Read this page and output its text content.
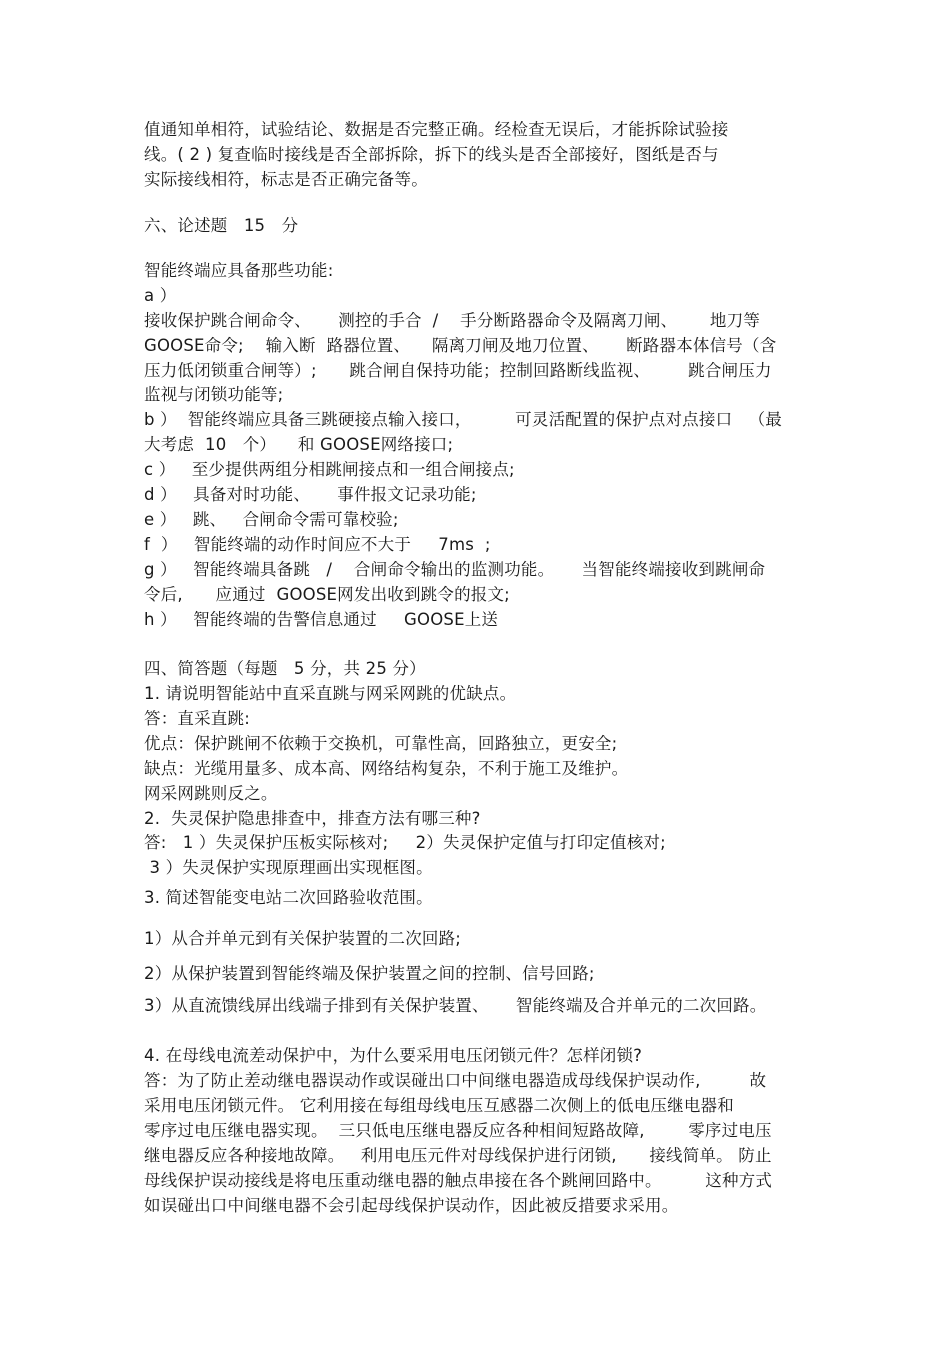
值通知单相符，试验结论、数据是否完整正确。经检查无误后，才能拆除试验接

线。( 2 ) 复查临时接线是否全部拆除，拆下的线头是否全部接好，图纸是否与

实际接线相符，标志是否正确完备等。

六、论述题   15   分

智能终端应具备那些功能:

a ）

接收保护跳合闸命令、     测控的手合  /    手分断路器命令及隔离刀闸、      地刀等

GOOSE命令;    输入断  路器位置、    隔离刀闸及地刀位置、     断路器本体信号（含

压力低闭锁重合闸等）;      跳合闸自保持功能；控制回路断线监视、       跳合闸压力

监视与闭锁功能等;

b ）  智能终端应具备三跳硬接点输入接口，        可灵活配置的保护点对点接口   （最

大考虑  10   个）    和 GOOSE网络接口;

c ）   至少提供两组分相跳闸接点和一组合闸接点;

d ）   具备对时功能、     事件报文记录功能;

e ）   跳、   合闸命令需可靠校验;

f  ）   智能终端的动作时间应不大于     7ms  ;

g ）   智能终端具备跳   /    合闸命令输出的监测功能。     当智能终端接收到跳闸命

令后,      应通过  GOOSE网发出收到跳令的报文;

h ）   智能终端的告警信息通过     GOOSE上送

四、简答题（每题   5 分，共 25 分）

1. 请说明智能站中直采直跳与网采网跳的优缺点。

答：直采直跳:

优点：保护跳闸不依赖于交换机，可靠性高，回路独立，更安全;

缺点：光缆用量多、成本高、网络结构复杂，不利于施工及维护。

网采网跳则反之。

2.  失灵保护隐患排查中，排查方法有哪三种?

答:   1 ）失灵保护压板实际核对;     2）失灵保护定值与打印定值核对;

3 ）失灵保护实现原理画出实现框图。

3. 简述智能变电站二次回路验收范围。

1）从合并单元到有关保护装置的二次回路;

2）从保护装置到智能终端及保护装置之间的控制、信号回路;

3）从直流馈线屏出线端子排到有关保护装置、     智能终端及合并单元的二次回路。

4. 在母线电流差动保护中，为什么要采用电压闭锁元件？怎样闭锁?

答：为了防止差动继电器误动作或误碰出口中间继电器造成母线保护误动作,         故

采用电压闭锁元件。 它利用接在每组母线电压互感器二次侧上的低电压继电器和

零序过电压继电器实现。  三只低电压继电器反应各种相间短路故障,        零序过电压

继电器反应各种接地故障。   利用电压元件对母线保护进行闭锁,      接线简单。 防止

母线保护误动接线是将电压重动继电器的触点串接在各个跳闸回路中。        这种方式

如误碰出口中间继电器不会引起母线保护误动作，因此被反措要求采用。
